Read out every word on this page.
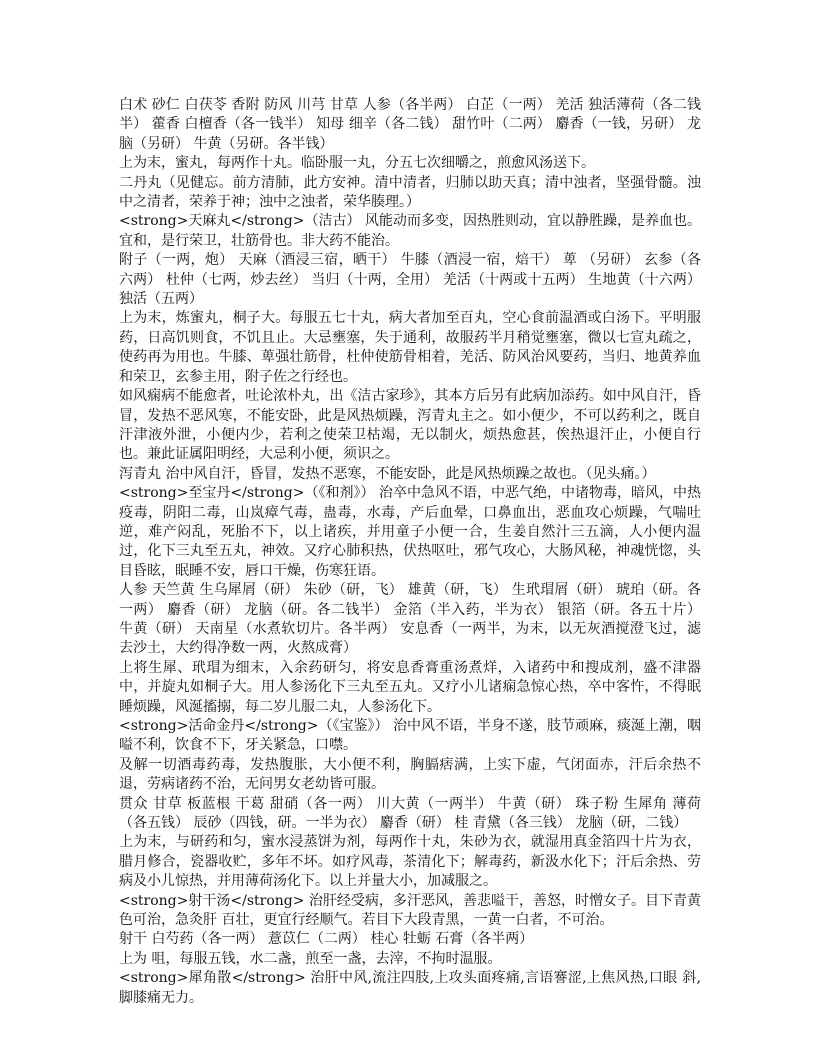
白术 砂仁 白茯苓 香附 防风 川芎 甘草 人参（各半两） 白芷（一两） 羌活 独活薄荷（各二钱半） 藿香 白檀香（各一钱半） 知母 细辛（各二钱） 甜竹叶（二两） 麝香（一钱，另研） 龙脑（另研） 牛黄（另研。各半钱）

上为末，蜜丸，每两作十丸。临卧服一丸，分五七次细嚼之，煎愈风汤送下。

二丹丸（见健忘。前方清肺，此方安神。清中清者，归肺以助天真；清中浊者，坚强骨髓。浊中之清者，荣养于神；浊中之浊者，荣华腠理。）

<strong>天麻丸</strong>（洁古） 风能动而多变，因热胜则动，宜以静胜躁，是养血也。宜和，是行荣卫，壮筋骨也。非大药不能治。

附子（一两，炮） 天麻（酒浸三宿，晒干） 牛膝（酒浸一宿，焙干） 萆 （另研） 玄参（各六两） 杜仲（七两，炒去丝） 当归（十两，全用） 羌活（十两或十五两） 生地黄（十六两） 独活（五两）

上为末，炼蜜丸，桐子大。每服五七十丸，病大者加至百丸，空心食前温酒或白汤下。平明服药，日高饥则食，不饥且止。大忌壅塞，失于通利，故服药半月稍觉壅塞，微以七宣丸疏之，使药再为用也。牛膝、萆强壮筋骨，杜仲使筋骨相着，羌活、防风治风要药，当归、地黄养血和荣卫，玄参主用，附子佐之行经也。

如风痫病不能愈者，吐论浓朴丸，出《洁古家珍》，其本方后另有此病加添药。如中风自汗，昏冒，发热不恶风寒，不能安卧，此是风热烦躁，泻青丸主之。如小便少，不可以药利之，既自汗津液外泄，小便内少，若利之使荣卫枯竭，无以制火，烦热愈甚，俟热退汗止，小便自行也。兼此证属阳明经，大忌利小便，须识之。

泻青丸 治中风自汗，昏冒，发热不恶寒，不能安卧，此是风热烦躁之故也。（见头痛。）

<strong>至宝丹</strong>（《和剂》） 治卒中急风不语，中恶气绝，中诸物毒，暗风，中热疫毒，阴阳二毒，山岚瘴气毒，蛊毒，水毒，产后血晕，口鼻血出，恶血攻心烦躁，气喘吐逆，难产闷乱，死胎不下，以上诸疾，并用童子小便一合，生姜自然汁三五滴，人小便内温过，化下三丸至五丸，神效。又疗心肺积热，伏热呕吐，邪气攻心，大肠风秘，神魂恍惚，头目昏眩，眠睡不安，唇口干燥，伤寒狂语。

人参 天竺黄 生乌犀屑（研） 朱砂（研，飞） 雄黄（研，飞） 生玳瑁屑（研） 琥珀（研。各一两） 麝香（研） 龙脑（研。各二钱半） 金箔（半入药，半为衣） 银箔（研。各五十片） 牛黄（研） 天南星（水煮软切片。各半两） 安息香（一两半，为末，以无灰酒搅澄飞过，滤去沙土，大约得净数一两，火熬成膏）

上将生犀、玳瑁为细末，入余药研匀，将安息香膏重汤煮烊，入诸药中和搜成剂，盛不津器中，并旋丸如桐子大。用人参汤化下三丸至五丸。又疗小儿诸痫急惊心热，卒中客忤，不得眠睡烦躁，风涎搐搦，每二岁儿服二丸，人参汤化下。

<strong>活命金丹</strong>（《宝鉴》） 治中风不语，半身不遂，肢节顽麻，痰涎上潮，咽嗌不利，饮食不下，牙关紧急，口噤。

及解一切酒毒药毒，发热腹胀，大小便不利，胸膈痞满，上实下虚，气闭面赤，汗后余热不退，劳病诸药不治，无问男女老幼皆可服。

贯众 甘草 板蓝根 干葛 甜硝（各一两） 川大黄（一两半） 牛黄（研） 珠子粉 生犀角 薄荷（各五钱） 辰砂（四钱，研。一半为衣） 麝香（研） 桂 青黛（各三钱） 龙脑（研，二钱）

上为末，与研药和匀，蜜水浸蒸饼为剂，每两作十丸，朱砂为衣，就湿用真金箔四十片为衣，腊月修合，瓷器收贮，多年不坏。如疗风毒，茶清化下；解毒药，新汲水化下；汗后余热、劳病及小儿惊热，并用薄荷汤化下。以上并量大小，加减服之。

<strong>射干汤</strong> 治肝经受病，多汗恶风，善悲嗌干，善怒，时憎女子。目下青黄色可治，急灸肝 百壮，更宜行经顺气。若目下大段青黑，一黄一白者，不可治。

射干 白芍药（各一两） 薏苡仁（二两） 桂心 牡蛎 石膏（各半两）

上为 咀，每服五钱，水二盏，煎至一盏，去滓，不拘时温服。

<strong>犀角散</strong> 治肝中风,流注四肢,上攻头面疼痛,言语謇涩,上焦风热,口眼 斜,脚膝痛无力。
